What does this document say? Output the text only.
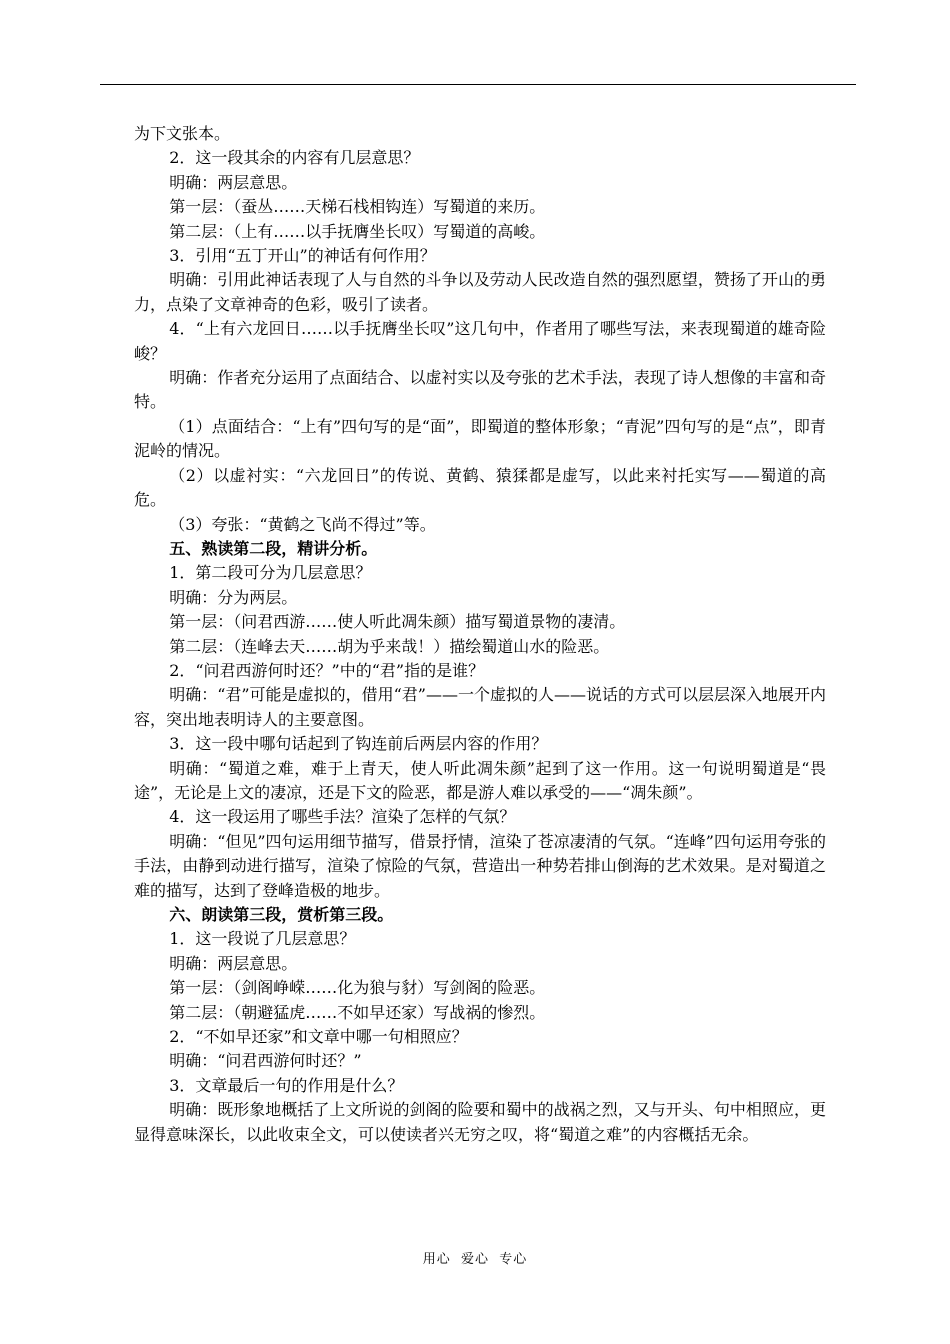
为下文张本。

2．这一段其余的内容有几层意思？

明确：两层意思。

第一层：（蚕丛……天梯石栈相钩连）写蜀道的来历。

第二层：（上有……以手抚膺坐长叹）写蜀道的高峻。

3．引用“五丁开山”的神话有何作用？

明确：引用此神话表现了人与自然的斗争以及劳动人民改造自然的强烈愿望，赞扬了开山的勇力，点染了文章神奇的色彩，吸引了读者。

4．“上有六龙回日……以手抚膺坐长叹”这几句中，作者用了哪些写法，来表现蜀道的雄奇险峻？

明确：作者充分运用了点面结合、以虚衬实以及夸张的艺术手法，表现了诗人想像的丰富和奇特。

（1）点面结合：“上有”四句写的是“面”，即蜀道的整体形象；“青泥”四句写的是“点”，即青泥岭的情况。

（2）以虚衬实：“六龙回日”的传说、黄鹤、猿猱都是虚写，以此来衬托实写——蜀道的高危。

（3）夸张：“黄鹤之飞尚不得过”等。

五、熟读第二段，精讲分析。

1．第二段可分为几层意思？

明确：分为两层。

第一层：（问君西游……使人听此凋朱颜）描写蜀道景物的凄清。

第二层：（连峰去天……胡为乎来哉！）描绘蜀道山水的险恶。

2．“问君西游何时还？”中的“君”指的是谁？

明确：“君”可能是虚拟的，借用“君”——一个虚拟的人——说话的方式可以层层深入地展开内容，突出地表明诗人的主要意图。

3．这一段中哪句话起到了钩连前后两层内容的作用？

明确：“蜀道之难，难于上青天，使人听此凋朱颜”起到了这一作用。这一句说明蜀道是“畏途”，无论是上文的凄凉，还是下文的险恶，都是游人难以承受的——“凋朱颜”。

4．这一段运用了哪些手法？渲染了怎样的气氛？

明确：“但见”四句运用细节描写，借景抒情，渲染了苍凉凄清的气氛。“连峰”四句运用夸张的手法，由静到动进行描写，渲染了惊险的气氛，营造出一种势若排山倒海的艺术效果。是对蜀道之难的描写，达到了登峰造极的地步。

六、朗读第三段，赏析第三段。

1．这一段说了几层意思？

明确：两层意思。

第一层：（剑阁峥嵘……化为狼与豺）写剑阁的险恶。

第二层：（朝避猛虎……不如早还家）写战祸的惨烈。

2．“不如早还家”和文章中哪一句相照应？

明确：“问君西游何时还？”

3．文章最后一句的作用是什么？

明确：既形象地概括了上文所说的剑阁的险要和蜀中的战祸之烈，又与开头、句中相照应，更显得意味深长，以此收束全文，可以使读者兴无穷之叹，将“蜀道之难”的内容概括无余。

用心  爱心  专心
